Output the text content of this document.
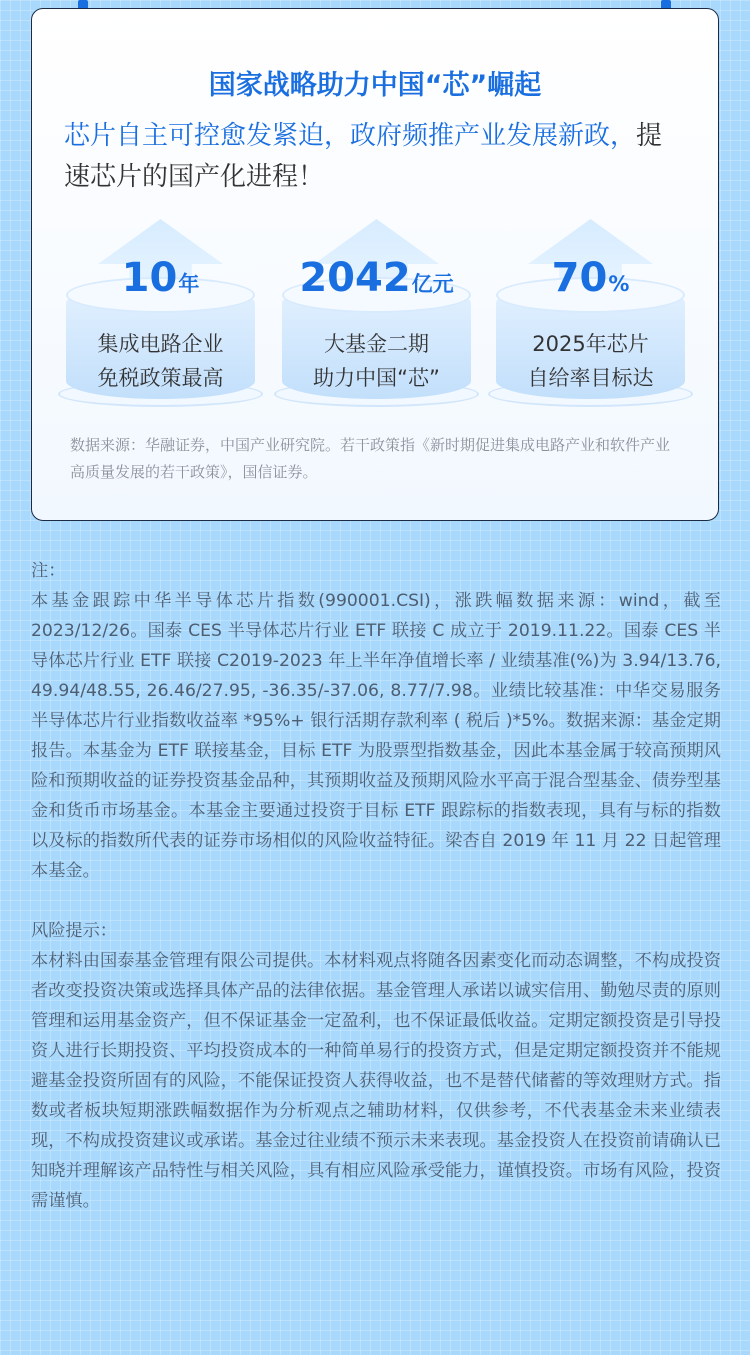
国家战略助力中国“芯”崛起
芯片自主可控愈发紧迫，政府频推产业发展新政，提速芯片的国产化进程！
10年
集成电路企业
免税政策最高
2042亿元
大基金二期
助力中国“芯”
70%
2025年芯片
自给率目标达
数据来源：华融证券，中国产业研究院。若干政策指《新时期促进集成电路产业和软件产业高质量发展的若干政策》，国信证券。

注：

本基金跟踪中华半导体芯片指数(990001.CSI)，涨跌幅数据来源：wind，截至2023/12/26。国泰 CES 半导体芯片行业 ETF 联接 C 成立于 2019.11.22。国泰 CES 半导体芯片行业 ETF 联接 C2019-2023 年上半年净值增长率 / 业绩基准(%)为 3.94/13.76, 49.94/48.55, 26.46/27.95, -36.35/-37.06, 8.77/7.98。业绩比较基准：中华交易服务半导体芯片行业指数收益率 *95%+ 银行活期存款利率 ( 税后 )*5%。数据来源：基金定期报告。本基金为 ETF 联接基金，目标 ETF 为股票型指数基金，因此本基金属于较高预期风险和预期收益的证券投资基金品种，其预期收益及预期风险水平高于混合型基金、债券型基金和货币市场基金。本基金主要通过投资于目标 ETF 跟踪标的指数表现，具有与标的指数以及标的指数所代表的证券市场相似的风险收益特征。梁杏自 2019 年 11 月 22 日起管理本基金。

风险提示：

本材料由国泰基金管理有限公司提供。本材料观点将随各因素变化而动态调整，不构成投资者改变投资决策或选择具体产品的法律依据。基金管理人承诺以诚实信用、勤勉尽责的原则管理和运用基金资产，但不保证基金一定盈利，也不保证最低收益。定期定额投资是引导投资人进行长期投资、平均投资成本的一种简单易行的投资方式，但是定期定额投资并不能规避基金投资所固有的风险，不能保证投资人获得收益，也不是替代储蓄的等效理财方式。指数或者板块短期涨跌幅数据作为分析观点之辅助材料，仅供参考，不代表基金未来业绩表现，不构成投资建议或承诺。基金过往业绩不预示未来表现。基金投资人在投资前请确认已知晓并理解该产品特性与相关风险，具有相应风险承受能力，谨慎投资。市场有风险，投资需谨慎。
